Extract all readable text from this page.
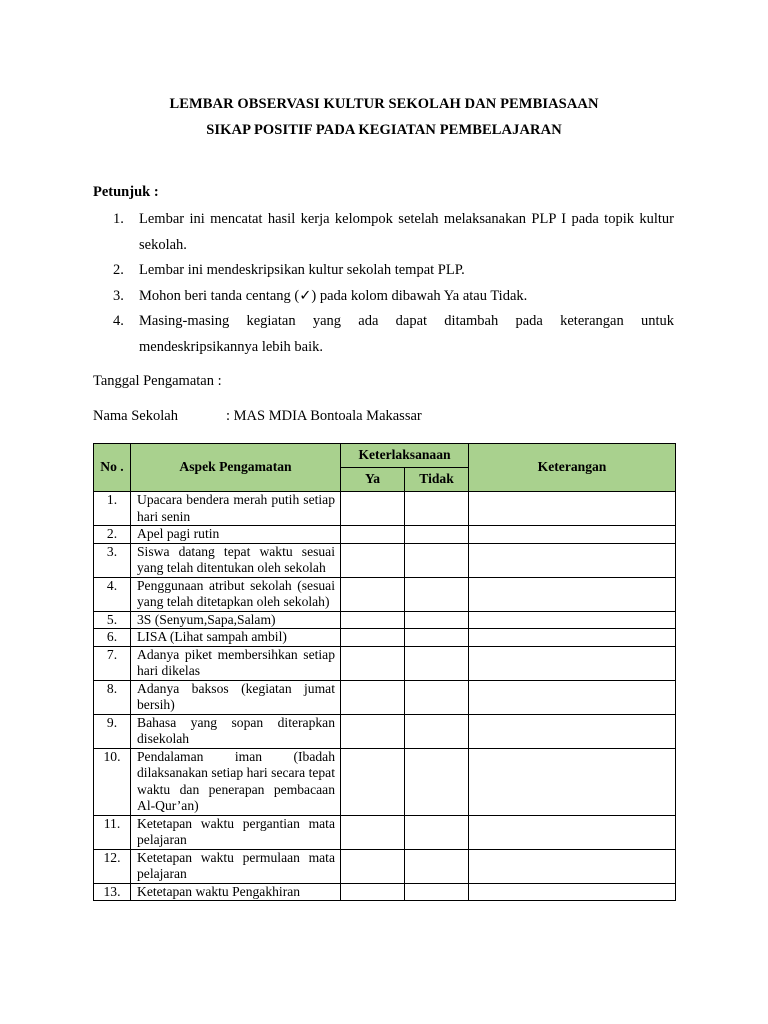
LEMBAR OBSERVASI KULTUR SEKOLAH DAN PEMBIASAAN
SIKAP POSITIF PADA KEGIATAN PEMBELAJARAN
Petunjuk :
1. Lembar ini mencatat hasil kerja kelompok setelah melaksanakan PLP I pada topik kultur sekolah.
2. Lembar ini mendeskripsikan kultur sekolah tempat PLP.
3. Mohon beri tanda centang (✓) pada kolom dibawah Ya atau Tidak.
4. Masing-masing kegiatan yang ada dapat ditambah pada keterangan untuk mendeskripsikannya lebih baik.
Tanggal Pengamatan :
Nama Sekolah	: MAS MDIA Bontoala Makassar
No .	Aspek Pengamatan	Keterlaksanaan		Keterangan
		Ya	Tidak	
1.	Upacara bendera merah putih setiap hari senin			
2.	Apel pagi rutin			
3.	Siswa datang tepat waktu sesuai yang telah ditentukan oleh sekolah			
4.	Penggunaan atribut sekolah (sesuai yang telah ditetapkan oleh sekolah)			
5.	3S (Senyum,Sapa,Salam)			
6.	LISA (Lihat sampah ambil)			
7.	Adanya piket membersihkan setiap hari dikelas			
8.	Adanya baksos (kegiatan jumat bersih)			
9.	Bahasa yang sopan diterapkan disekolah			
10.	Pendalaman iman (Ibadah dilaksanakan setiap hari secara tepat waktu dan penerapan pembacaan Al-Qur’an)			
11.	Ketetapan waktu pergantian mata pelajaran			
12.	Ketetapan waktu permulaan mata pelajaran			
13.	Ketetapan waktu Pengakhiran			
